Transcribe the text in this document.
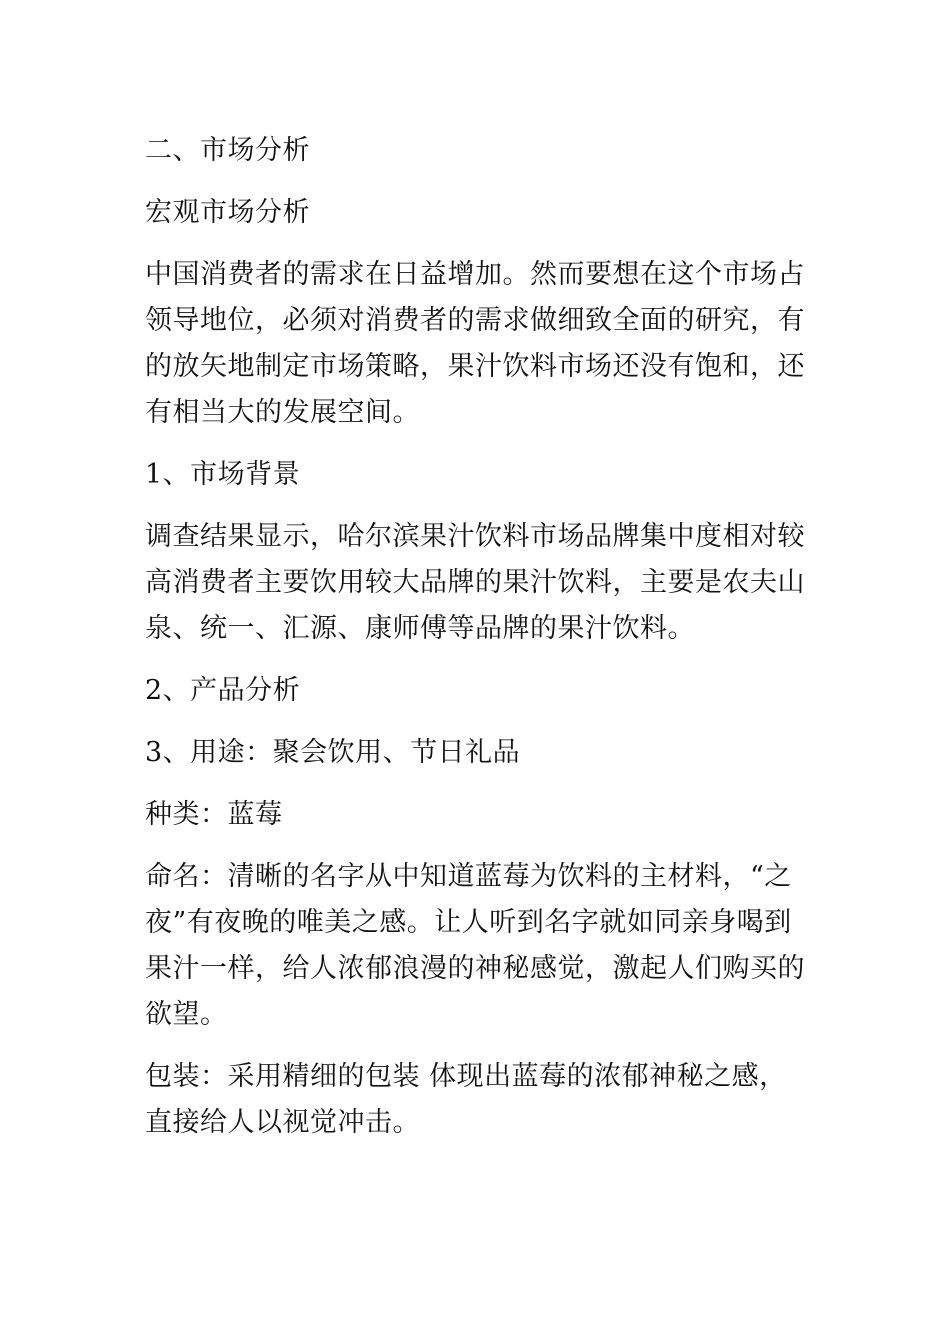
二、市场分析
宏观市场分析
中国消费者的需求在日益增加。然而要想在这个市场占领导地位，必须对消费者的需求做细致全面的研究，有的放矢地制定市场策略，果汁饮料市场还没有饱和，还有相当大的发展空间。
1、市场背景
调查结果显示，哈尔滨果汁饮料市场品牌集中度相对较高消费者主要饮用较大品牌的果汁饮料，主要是农夫山泉、统一、汇源、康师傅等品牌的果汁饮料。
2、产品分析
3、用途：聚会饮用、节日礼品
种类：蓝莓
命名：清晰的名字从中知道蓝莓为饮料的主材料，“之夜”有夜晚的唯美之感。让人听到名字就如同亲身喝到果汁一样，给人浓郁浪漫的神秘感觉，激起人们购买的欲望。
包装：采用精细的包装 体现出蓝莓的浓郁神秘之感，直接给人以视觉冲击。
